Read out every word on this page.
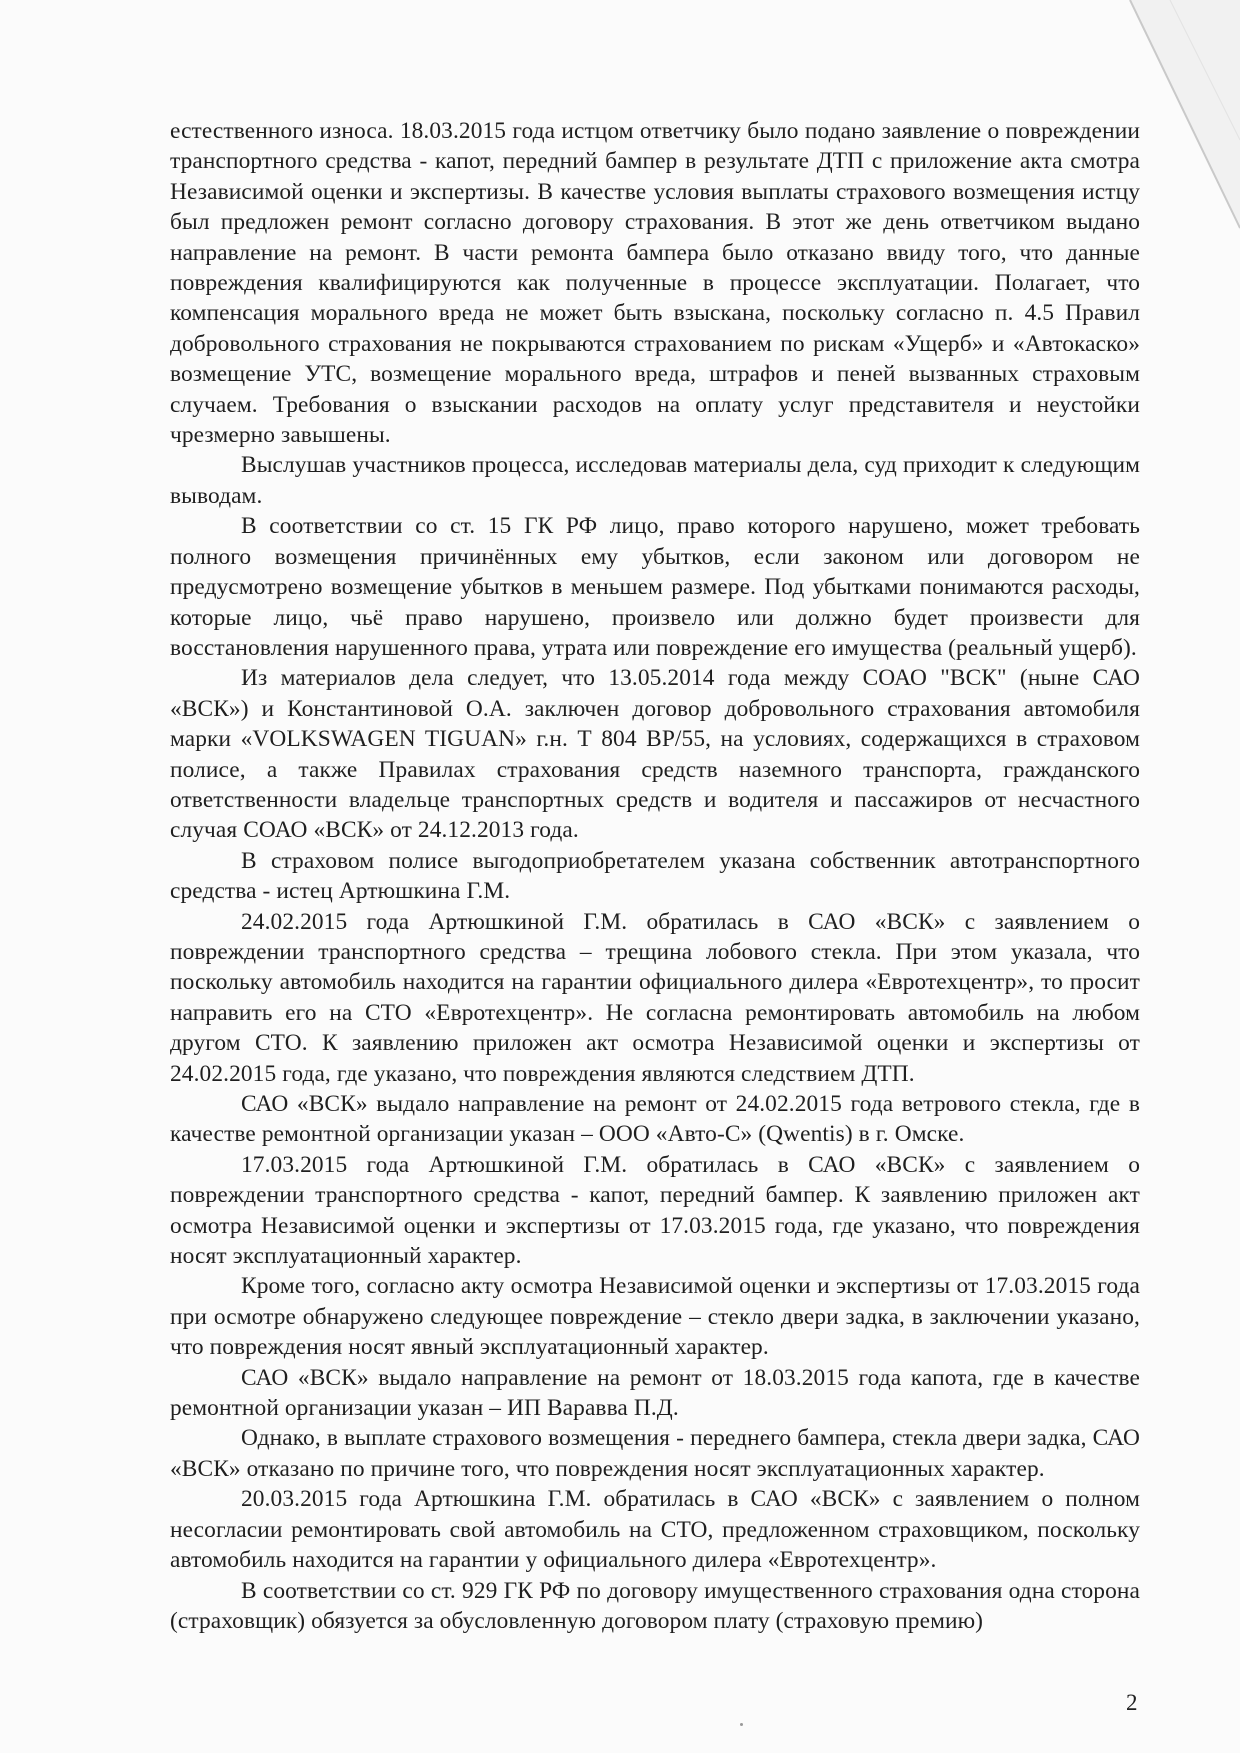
естественного износа. 18.03.2015 года истцом ответчику было подано заявление о повреждении транспортного средства - капот, передний бампер в результате ДТП с приложение акта смотра Независимой оценки и экспертизы. В качестве условия выплаты страхового возмещения истцу был предложен ремонт согласно договору страхования. В этот же день ответчиком выдано направление на ремонт. В части ремонта бампера было отказано ввиду того, что данные повреждения квалифицируются как полученные в процессе эксплуатации. Полагает, что компенсация морального вреда не может быть взыскана, поскольку согласно п. 4.5 Правил добровольного страхования не покрываются страхованием по рискам «Ущерб» и «Автокаско» возмещение УТС, возмещение морального вреда, штрафов и пеней вызванных страховым случаем. Требования о взыскании расходов на оплату услуг представителя и неустойки чрезмерно завышены.

Выслушав участников процесса, исследовав материалы дела, суд приходит к следующим выводам.

В соответствии со ст. 15 ГК РФ лицо, право которого нарушено, может требовать полного возмещения причинённых ему убытков, если законом или договором не предусмотрено возмещение убытков в меньшем размере. Под убытками понимаются расходы, которые лицо, чьё право нарушено, произвело или должно будет произвести для восстановления нарушенного права, утрата или повреждение его имущества (реальный ущерб).

Из материалов дела следует, что 13.05.2014 года между СОАО "ВСК" (ныне САО «ВСК») и Константиновой О.А. заключен договор добровольного страхования автомобиля марки «VOLKSWAGEN TIGUAN» г.н. Т 804 ВР/55, на условиях, содержащихся в страховом полисе, а также Правилах страхования средств наземного транспорта, гражданского ответственности владельце транспортных средств и водителя и пассажиров от несчастного случая СОАО «ВСК» от 24.12.2013 года.

В страховом полисе выгодоприобретателем указана собственник автотранспортного средства - истец Артюшкина Г.М.

24.02.2015 года Артюшкиной Г.М. обратилась в САО «ВСК» с заявлением о повреждении транспортного средства – трещина лобового стекла. При этом указала, что поскольку автомобиль находится на гарантии официального дилера «Евротехцентр», то просит направить его на СТО «Евротехцентр». Не согласна ремонтировать автомобиль на любом другом СТО. К заявлению приложен акт осмотра Независимой оценки и экспертизы от 24.02.2015 года, где указано, что повреждения являются следствием ДТП.

САО «ВСК» выдало направление на ремонт от 24.02.2015 года ветрового стекла, где в качестве ремонтной организации указан – ООО «Авто-С» (Qwentis) в г. Омске.

17.03.2015 года Артюшкиной Г.М. обратилась в САО «ВСК» с заявлением о повреждении транспортного средства - капот, передний бампер. К заявлению приложен акт осмотра Независимой оценки и экспертизы от 17.03.2015 года, где указано, что повреждения носят эксплуатационный характер.

Кроме того, согласно акту осмотра Независимой оценки и экспертизы от 17.03.2015 года при осмотре обнаружено следующее повреждение – стекло двери задка, в заключении указано, что повреждения носят явный эксплуатационный характер.

САО «ВСК» выдало направление на ремонт от 18.03.2015 года капота, где в качестве ремонтной организации указан – ИП Варавва П.Д.

Однако, в выплате страхового возмещения - переднего бампера, стекла двери задка, САО «ВСК» отказано по причине того, что повреждения носят эксплуатационных характер.

20.03.2015 года Артюшкина Г.М. обратилась в САО «ВСК» с заявлением о полном несогласии ремонтировать свой автомобиль на СТО, предложенном страховщиком, поскольку автомобиль находится на гарантии у официального дилера «Евротехцентр».

В соответствии со ст. 929 ГК РФ по договору имущественного страхования одна сторона (страховщик) обязуется за обусловленную договором плату (страховую премию)

2
